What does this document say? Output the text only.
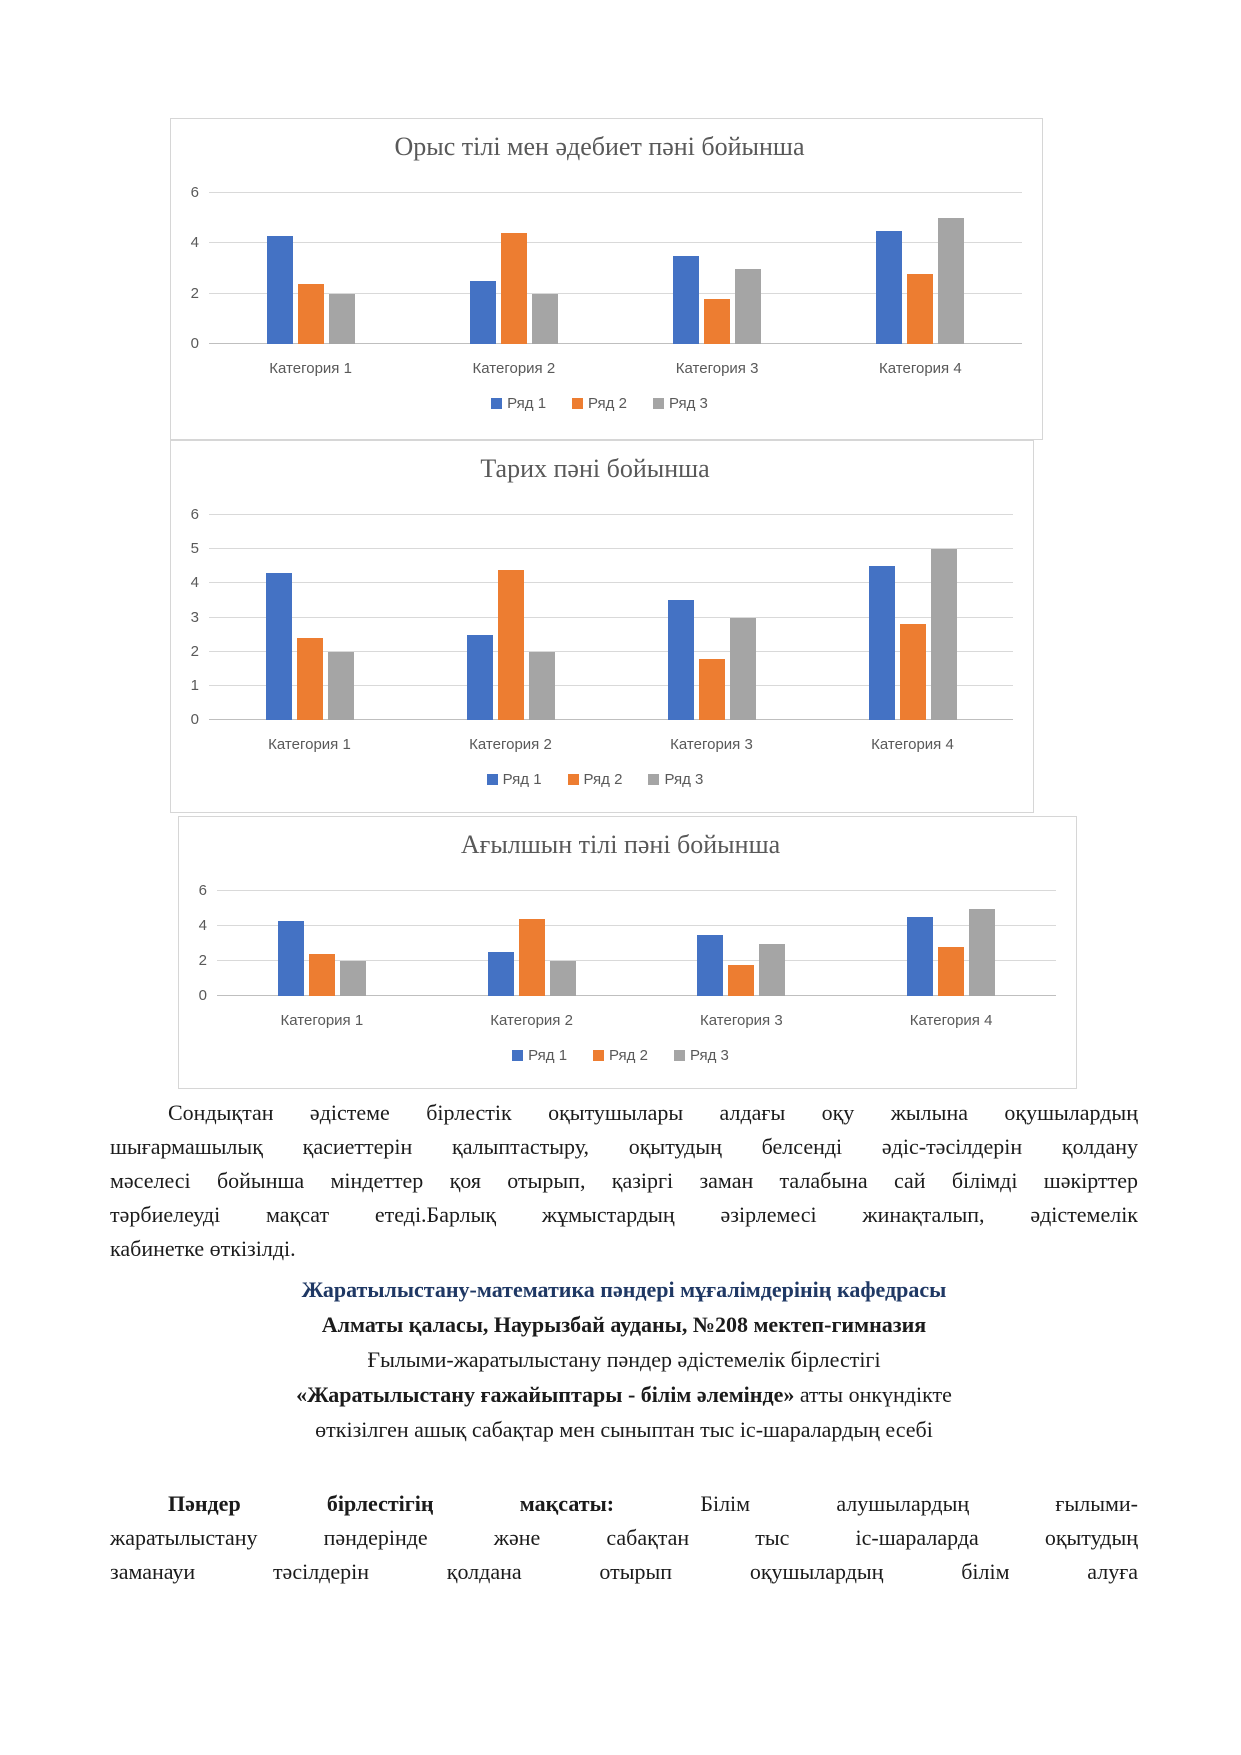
Орыс тілі мен әдебиет пәні бойынша
0
2
4
6
Категория 1	Категория 2	Категория 3	Категория 4
Ряд 1	Ряд 2	Ряд 3
Тарих пәні бойынша
0
1
2
3
4
5
6
Категория 1	Категория 2	Категория 3	Категория 4
Ряд 1	Ряд 2	Ряд 3
Ағылшын тілі пәні бойынша
0
2
4
6
Категория 1	Категория 2	Категория 3	Категория 4
Ряд 1	Ряд 2	Ряд 3
Сондықтан әдістеме бірлестік оқытушылары алдағы оқу жылына оқушылардың
шығармашылық қасиеттерін қалыптастыру, оқытудың белсенді әдіс-тәсілдерін қолдану
мәселесі бойынша міндеттер қоя отырып, қазіргі заман талабына сай білімді шәкірттер
тәрбиелеуді мақсат етеді.Барлық жұмыстардың әзірлемесі жинақталып, әдістемелік
кабинетке өткізілді.
Жаратылыстану-математика пәндері мұғалімдерінің кафедрасы
Алматы қаласы, Наурызбай ауданы, №208 мектеп-гимназия
Ғылыми-жаратылыстану пәндер әдістемелік бірлестігі
«Жаратылыстану ғажайыптары - білім әлемінде» атты онкүндікте
өткізілген ашық сабақтар мен сыныптан тыс іс-шаралардың есебі
Пәндер бірлестігің мақсаты: Білім алушылардың ғылыми-
жаратылыстану пәндерінде және сабақтан тыс іс-шараларда оқытудың
заманауи тәсілдерін қолдана отырып оқушылардың білім алуға
